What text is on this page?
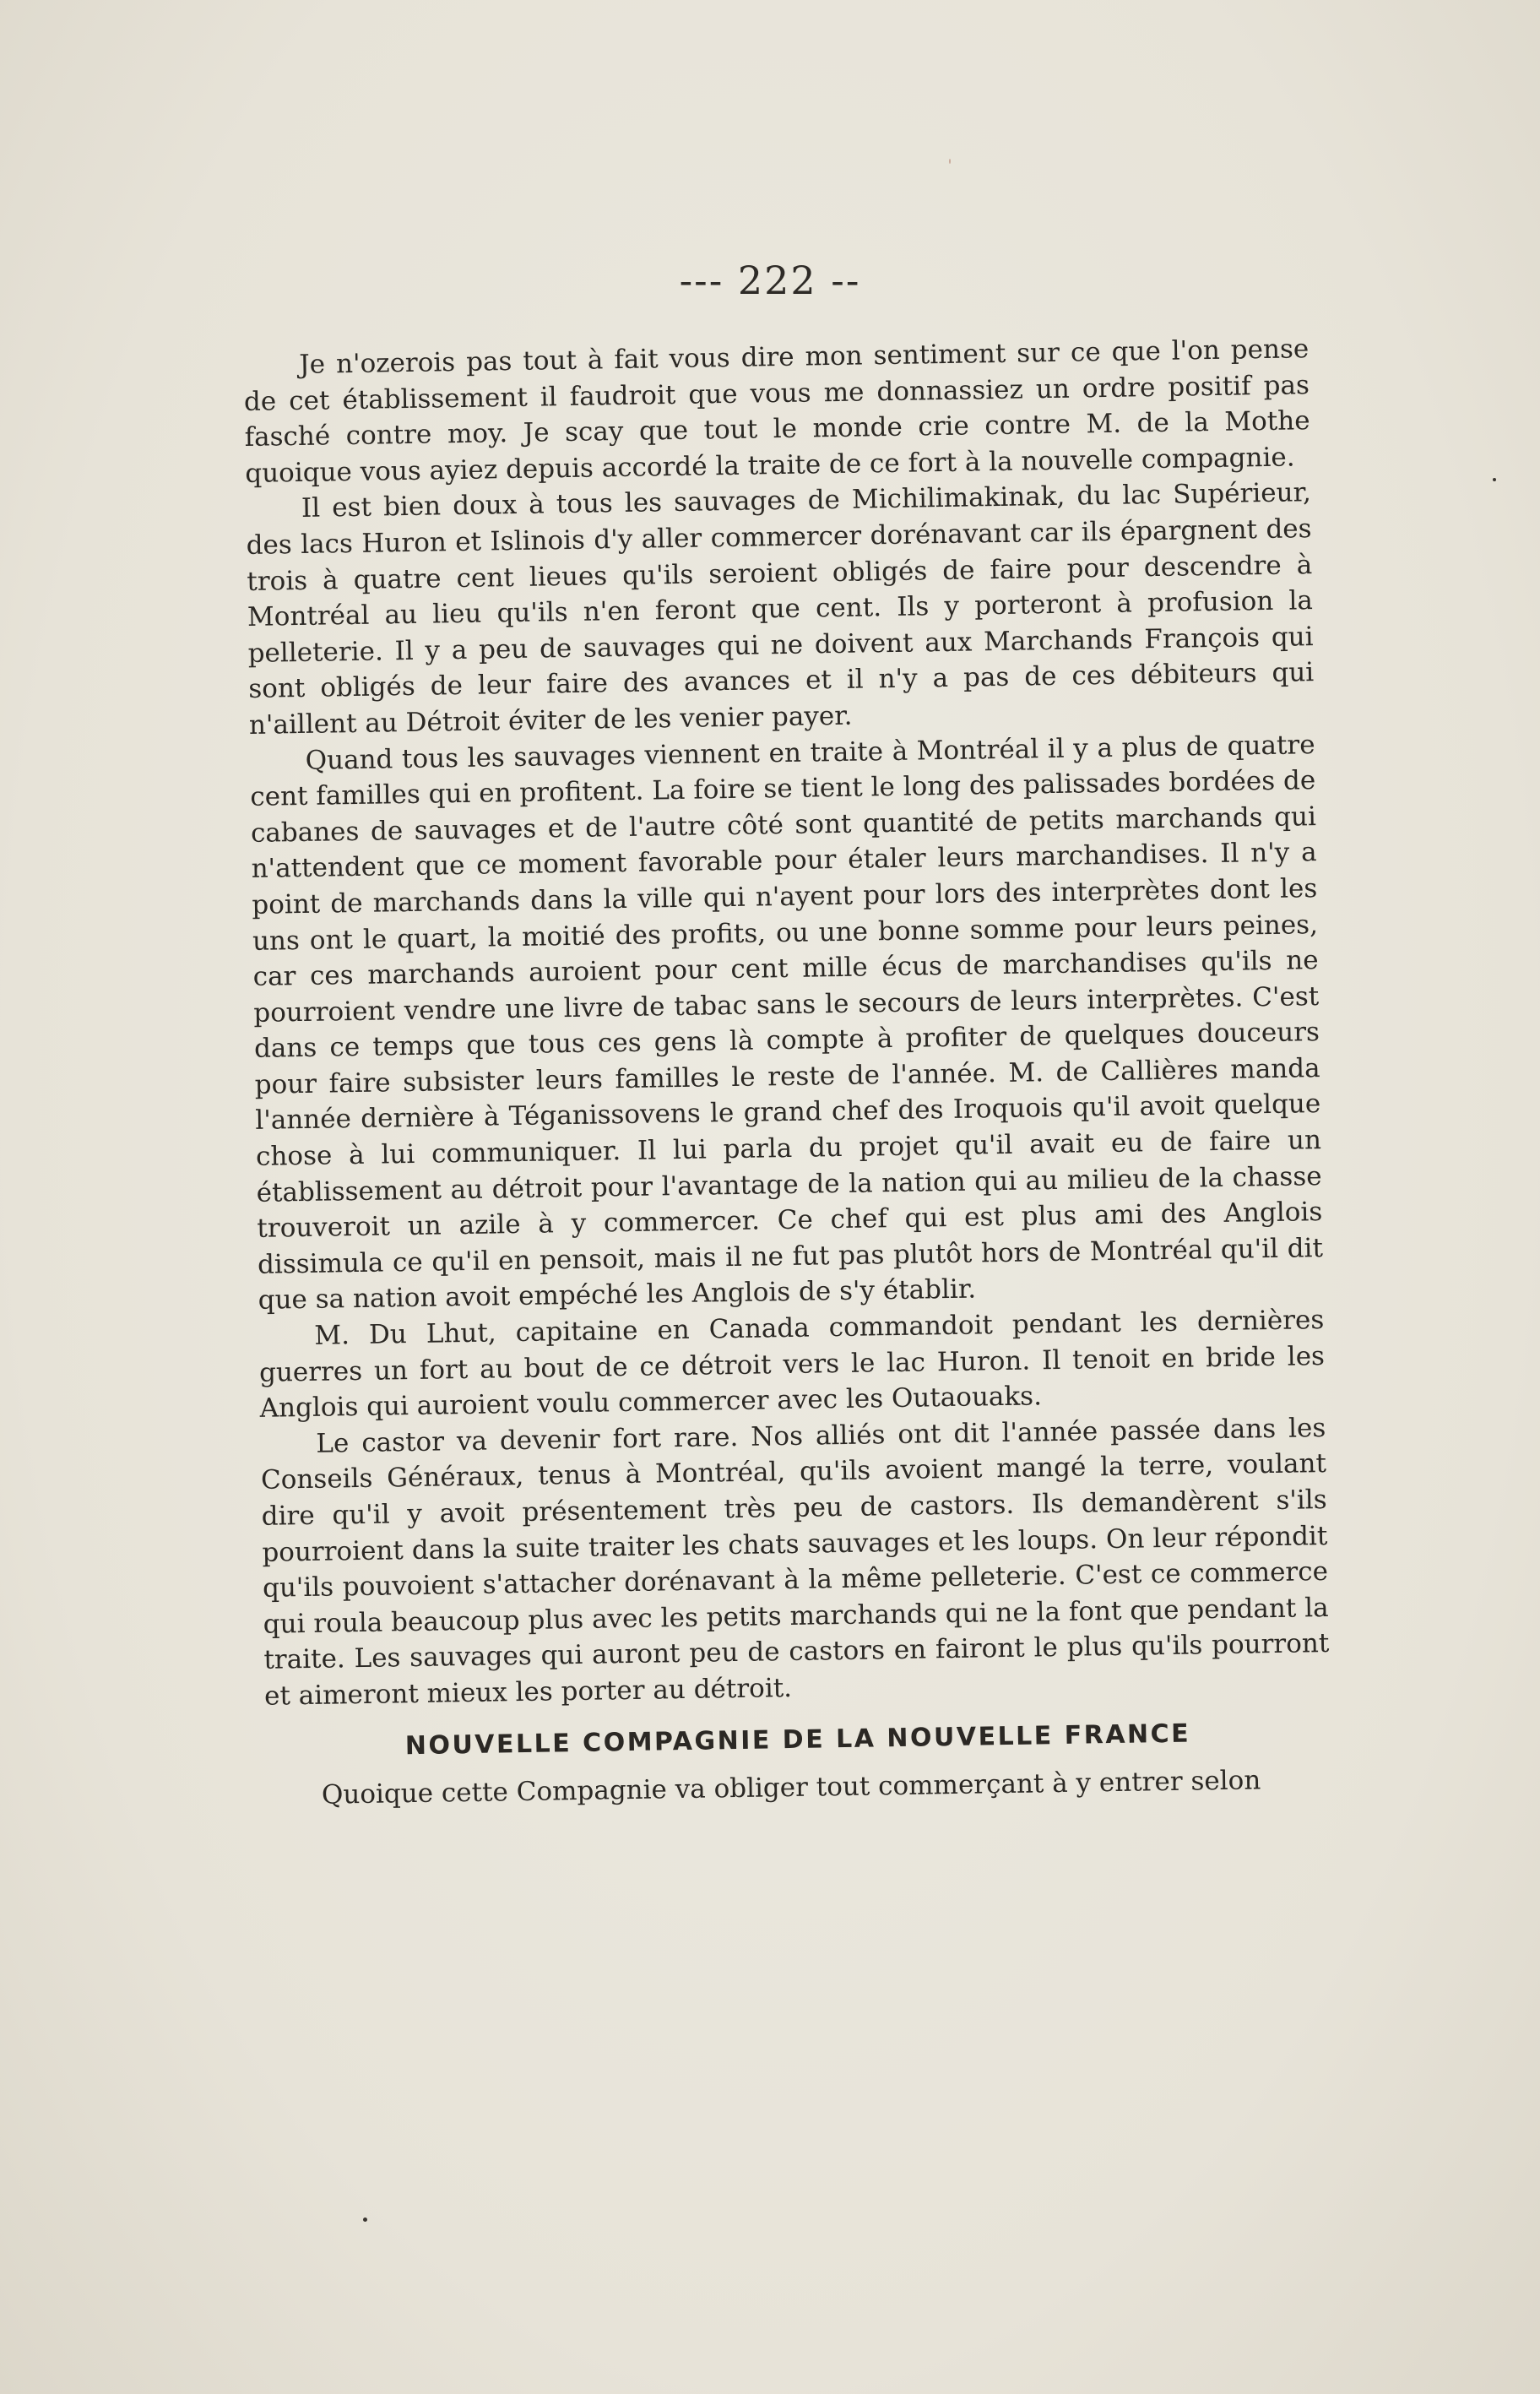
--- 222 --

Je n'ozerois pas tout à fait vous dire mon sentiment sur ce que l'on pense de cet établissement il faudroit que vous me donnassiez un ordre positif pas fasché contre moy. Je scay que tout le monde crie contre M. de la Mothe quoique vous ayiez depuis accordé la traite de ce fort à la nouvelle compagnie.

Il est bien doux à tous les sauvages de Michilimakinak, du lac Supérieur, des lacs Huron et Islinois d'y aller commercer dorénavant car ils épargnent des trois à quatre cent lieues qu'ils seroient obligés de faire pour descendre à Montréal au lieu qu'ils n'en feront que cent. Ils y porteront à profusion la pelleterie. Il y a peu de sauvages qui ne doivent aux Marchands François qui sont obligés de leur faire des avances et il n'y a pas de ces débiteurs qui n'aillent au Détroit éviter de les venier payer.

Quand tous les sauvages viennent en traite à Montréal il y a plus de quatre cent familles qui en profitent. La foire se tient le long des palissades bordées de cabanes de sauvages et de l'autre côté sont quantité de petits marchands qui n'attendent que ce moment favorable pour étaler leurs marchandises. Il n'y a point de marchands dans la ville qui n'ayent pour lors des interprètes dont les uns ont le quart, la moitié des profits, ou une bonne somme pour leurs peines, car ces marchands auroient pour cent mille écus de marchandises qu'ils ne pourroient vendre une livre de tabac sans le secours de leurs interprètes. C'est dans ce temps que tous ces gens là compte à profiter de quelques douceurs pour faire subsister leurs familles le reste de l'année. M. de Callières manda l'année dernière à Téganissovens le grand chef des Iroquois qu'il avoit quelque chose à lui communiquer. Il lui parla du projet qu'il avait eu de faire un établissement au détroit pour l'avantage de la nation qui au milieu de la chasse trouveroit un azile à y commercer. Ce chef qui est plus ami des Anglois dissimula ce qu'il en pensoit, mais il ne fut pas plutôt hors de Montréal qu'il dit que sa nation avoit empéché les Anglois de s'y établir.

M. Du Lhut, capitaine en Canada commandoit pendant les dernières guerres un fort au bout de ce détroit vers le lac Huron. Il tenoit en bride les Anglois qui auroient voulu commercer avec les Outaouaks.

Le castor va devenir fort rare. Nos alliés ont dit l'année passée dans les Conseils Généraux, tenus à Montréal, qu'ils avoient mangé la terre, voulant dire qu'il y avoit présentement très peu de castors. Ils demandèrent s'ils pourroient dans la suite traiter les chats sauvages et les loups. On leur répondit qu'ils pouvoient s'attacher dorénavant à la même pelleterie. C'est ce commerce qui roula beaucoup plus avec les petits marchands qui ne la font que pendant la traite. Les sauvages qui auront peu de castors en fairont le plus qu'ils pourront et aimeront mieux les porter au détroit.

NOUVELLE COMPAGNIE DE LA NOUVELLE FRANCE

Quoique cette Compagnie va obliger tout commerçant à y entrer selon
